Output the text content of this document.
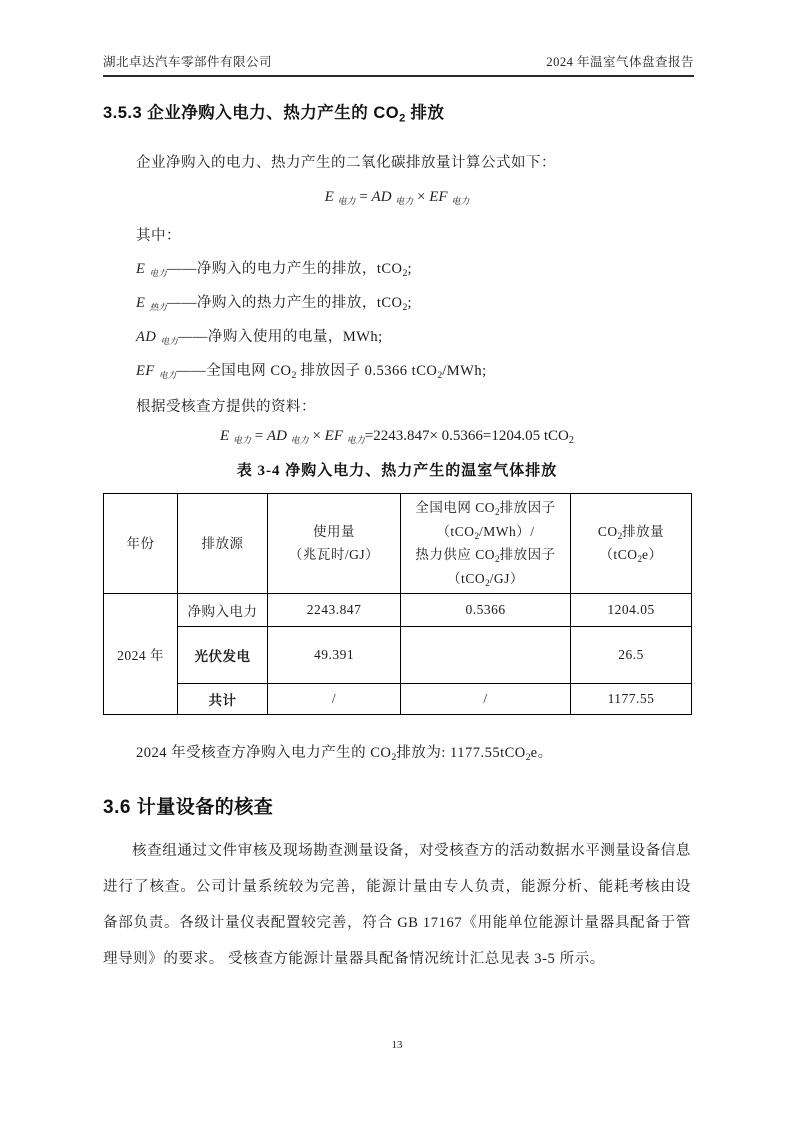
湖北卓达汽车零部件有限公司	2024 年温室气体盘查报告
3.5.3 企业净购入电力、热力产生的 $CO_2$ 排放

企业净购入的电力、热力产生的二氧化碳排放量计算公式如下：

E $_{电力}$ = AD $_{电力}$ × EF $_{电力}$

其中：

E $_{电力}$——净购入的电力产生的排放，tCO$_2$;
E $_{热力}$——净购入的热力产生的排放，tCO$_2$;
AD $_{电力}$——净购入使用的电量，MWh;
EF $_{电力}$——全国电网 $CO_2$ 排放因子 0.5366 tCO$_2$/MWh;

根据受核查方提供的资料：

E $_{电力}$ = AD $_{电力}$ × EF $_{电力}$=2243.847× 0.5366=1204.05 tCO$_2$
表 3-4 净购入电力、热力产生的温室气体排放
年份	排放源	使用量
（兆瓦时/GJ）	全国电网 $CO_2$排放因子
（tCO$_2$/MWh）/
热力供应 $CO_2$排放因子
（tCO$_2$/GJ）	$CO_2$排放量
（tCO$_2$e）
2024 年	净购入电力	2243.847	0.5366	1204.05
	光伏发电	49.391		26.5
	共计	/	/	1177.55

2024 年受核查方净购入电力产生的 $CO_2$排放为: 1177.55tCO$_2$e。

3.6 计量设备的核查

核查组通过文件审核及现场勘查测量设备，对受核查方的活动数据水平测量设备信息进行了核查。公司计量系统较为完善，能源计量由专人负责，能源分析、能耗考核由设备部负责。各级计量仪表配置较完善，符合 GB 17167《用能单位能源计量器具配备于管理导则》的要求。 受核查方能源计量器具配备情况统计汇总见表 3-5 所示。

13
